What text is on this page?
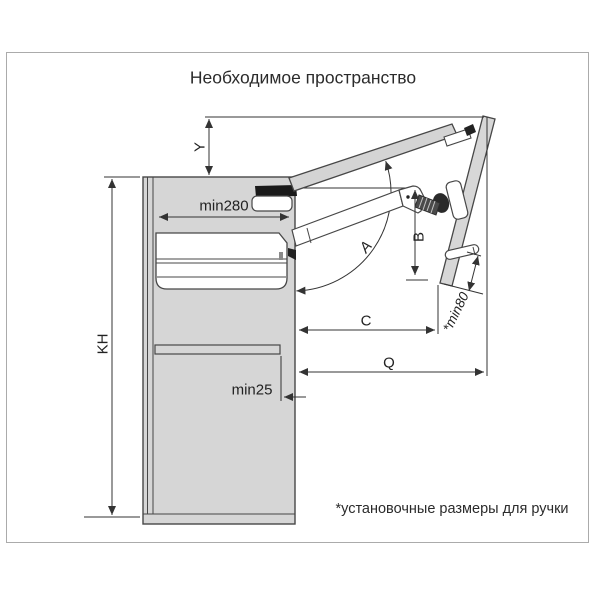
Необходимое пространство
Y
min280
KH
A
B
C
Q
*min80
min25
*установочные размеры для ручки
